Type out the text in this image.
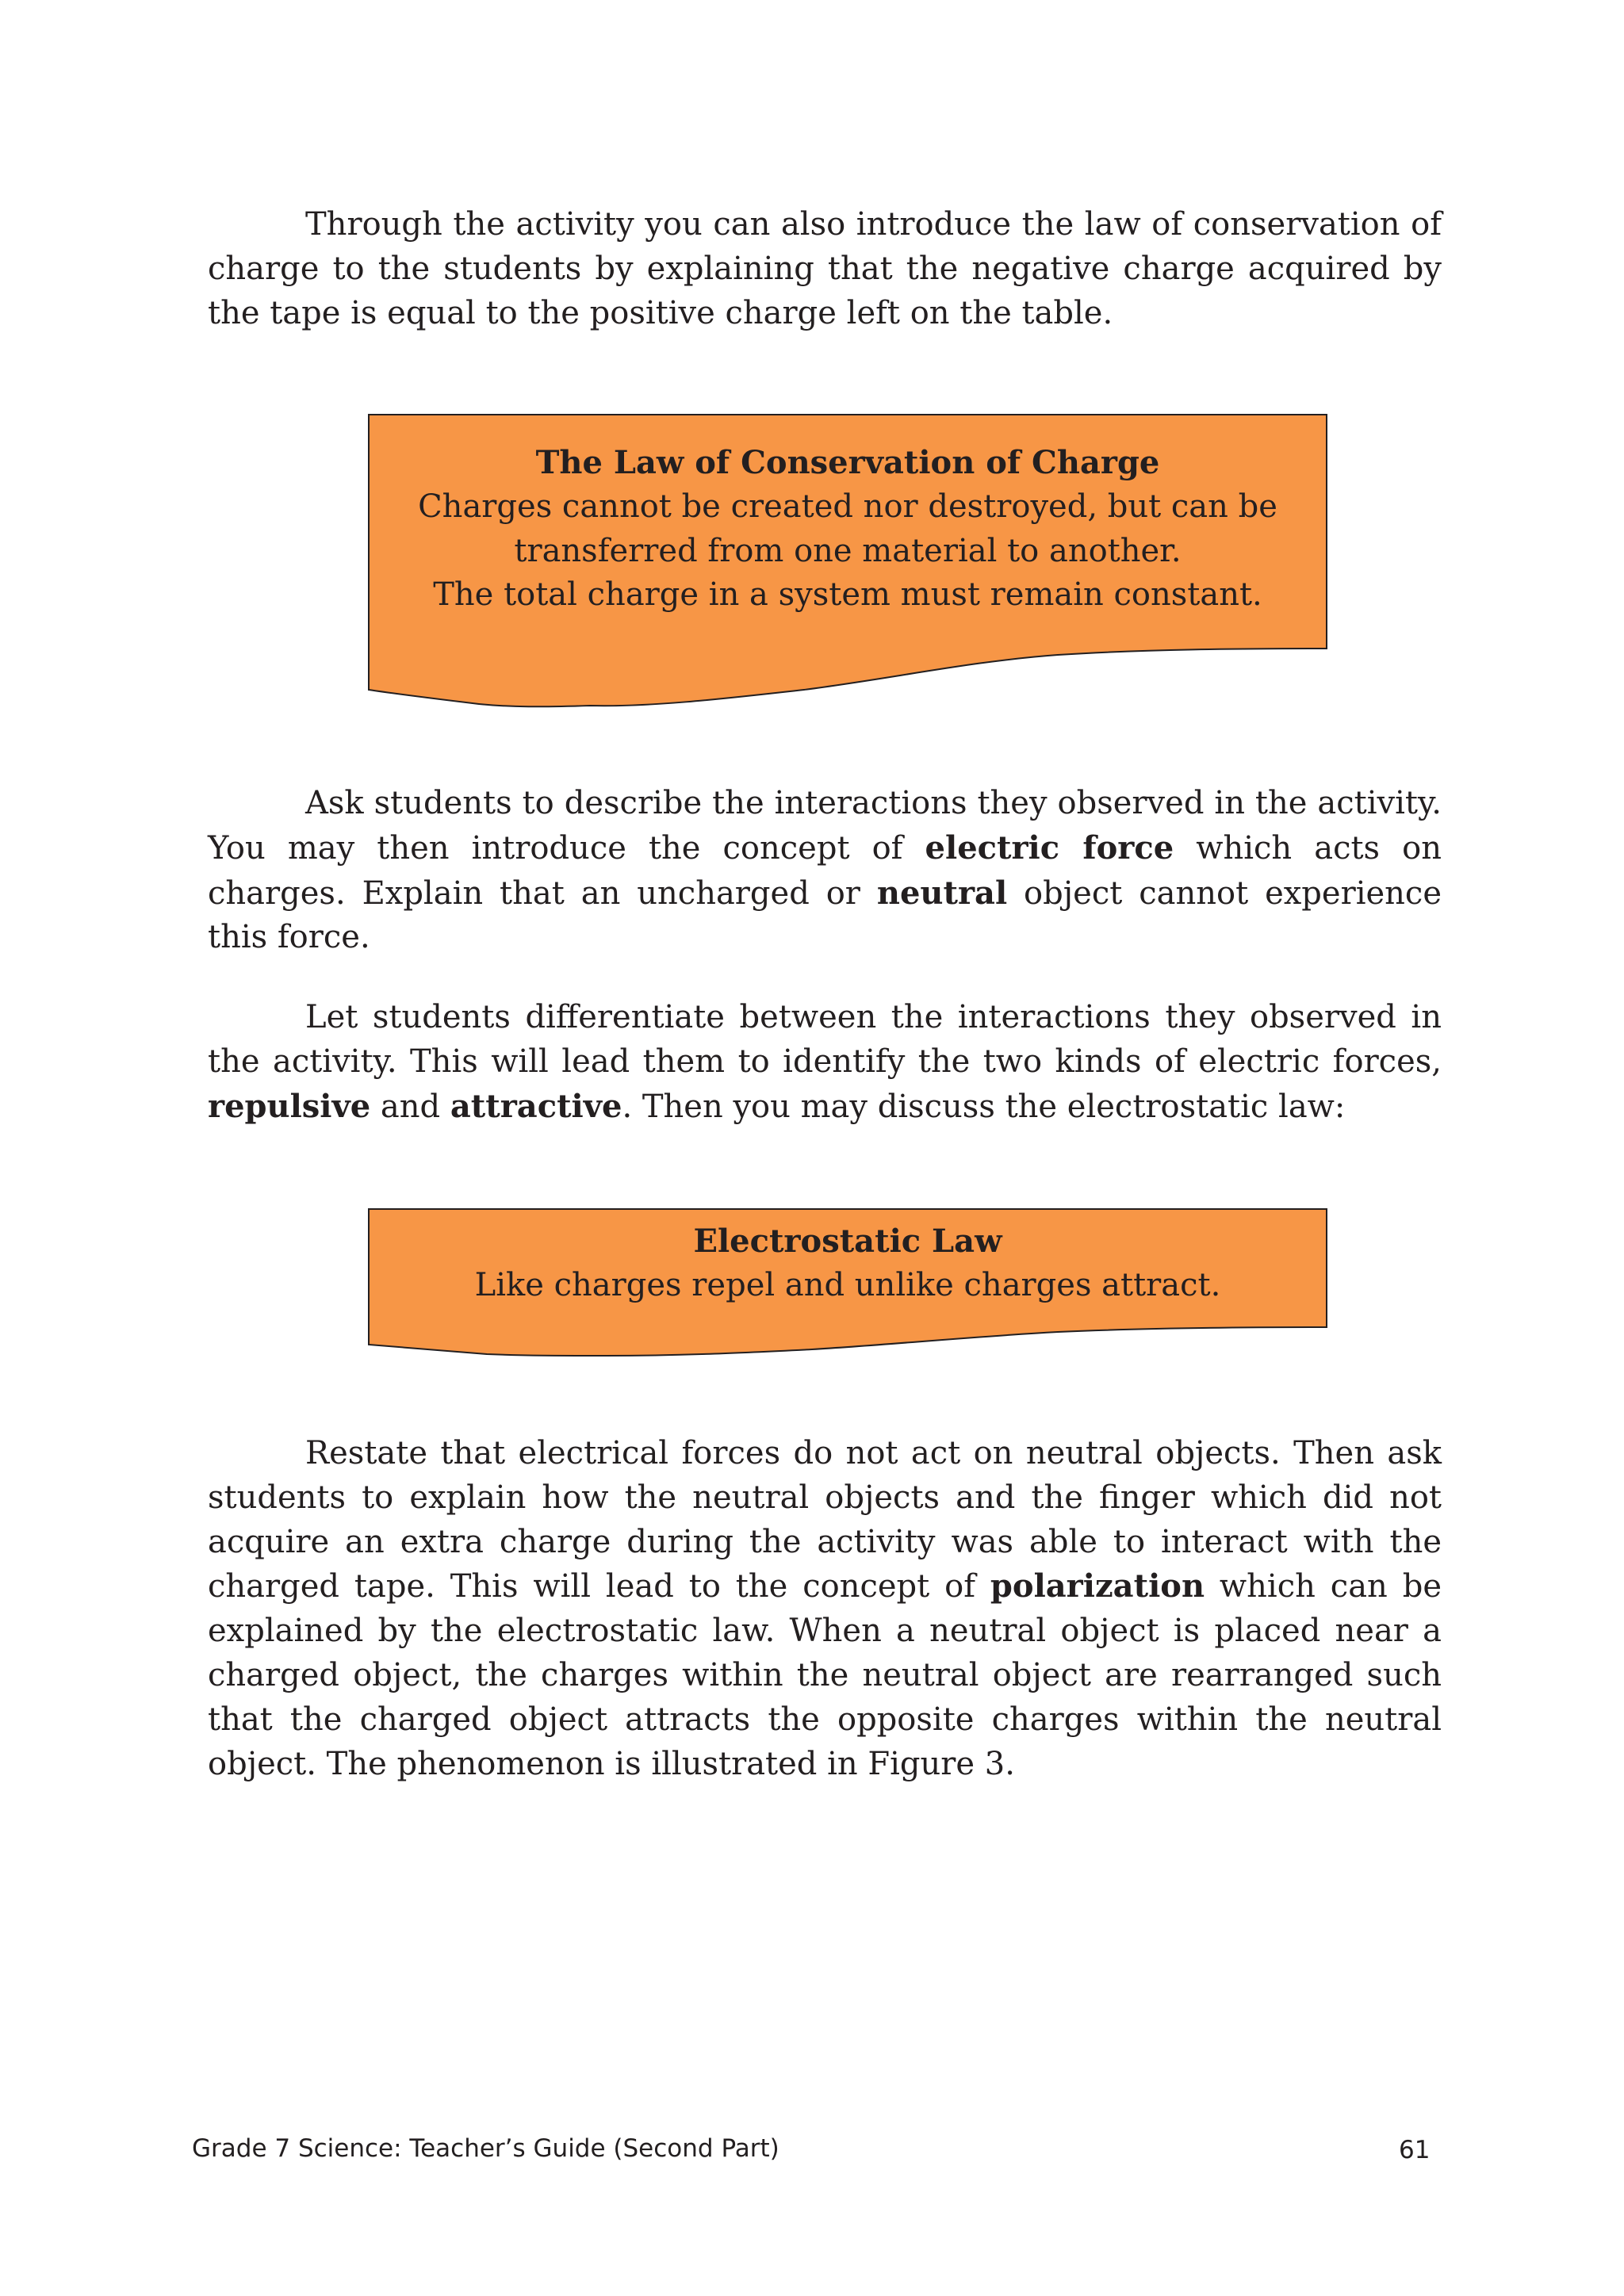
Through the activity you can also introduce the law of conservation of charge to the students by explaining that the negative charge acquired by the tape is equal to the positive charge left on the table.

The Law of Conservation of Charge
Charges cannot be created nor destroyed, but can be
transferred from one material to another.
The total charge in a system must remain constant.

Ask students to describe the interactions they observed in the activity. You may then introduce the concept of electric force which acts on charges. Explain that an uncharged or neutral object cannot experience this force.

Let students differentiate between the interactions they observed in the activity. This will lead them to identify the two kinds of electric forces, repulsive and attractive. Then you may discuss the electrostatic law:

Electrostatic Law
Like charges repel and unlike charges attract.

Restate that electrical forces do not act on neutral objects. Then ask students to explain how the neutral objects and the finger which did not acquire an extra charge during the activity was able to interact with the charged tape. This will lead to the concept of polarization which can be explained by the electrostatic law. When a neutral object is placed near a charged object, the charges within the neutral object are rearranged such that the charged object attracts the opposite charges within the neutral object. The phenomenon is illustrated in Figure 3.

Grade 7 Science: Teacher’s Guide (Second Part)	61
